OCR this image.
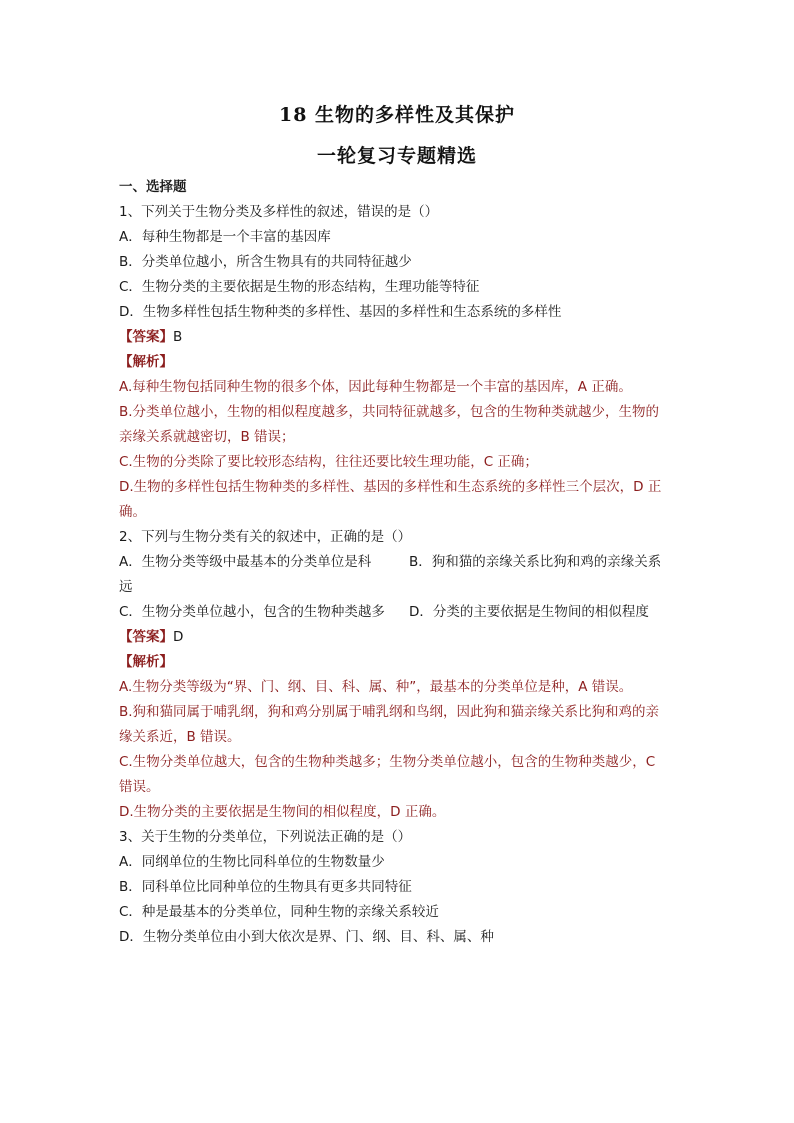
18 生物的多样性及其保护
一轮复习专题精选
一、选择题
1、下列关于生物分类及多样性的叙述，错误的是（）
A．每种生物都是一个丰富的基因库
B．分类单位越小，所含生物具有的共同特征越少
C．生物分类的主要依据是生物的形态结构，生理功能等特征
D．生物多样性包括生物种类的多样性、基因的多样性和生态系统的多样性
【答案】B
【解析】
A.每种生物包括同种生物的很多个体，因此每种生物都是一个丰富的基因库，A 正确。
B.分类单位越小，生物的相似程度越多，共同特征就越多，包含的生物种类就越少，生物的
亲缘关系就越密切，B 错误；
C.生物的分类除了要比较形态结构，往往还要比较生理功能，C 正确；
D.生物的多样性包括生物种类的多样性、基因的多样性和生态系统的多样性三个层次，D 正
确。
2、下列与生物分类有关的叙述中，正确的是（）
A．生物分类等级中最基本的分类单位是科	B．狗和猫的亲缘关系比狗和鸡的亲缘关系
远
C．生物分类单位越小，包含的生物种类越多	D．分类的主要依据是生物间的相似程度
【答案】D
【解析】
A.生物分类等级为“界、门、纲、目、科、属、种”，最基本的分类单位是种，A 错误。
B.狗和猫同属于哺乳纲，狗和鸡分别属于哺乳纲和鸟纲，因此狗和猫亲缘关系比狗和鸡的亲
缘关系近，B 错误。
C.生物分类单位越大，包含的生物种类越多；生物分类单位越小，包含的生物种类越少，C
错误。
D.生物分类的主要依据是生物间的相似程度，D 正确。
3、关于生物的分类单位，下列说法正确的是（）
A．同纲单位的生物比同科单位的生物数量少
B．同科单位比同种单位的生物具有更多共同特征
C．种是最基本的分类单位，同种生物的亲缘关系较近
D．生物分类单位由小到大依次是界、门、纲、目、科、属、种
